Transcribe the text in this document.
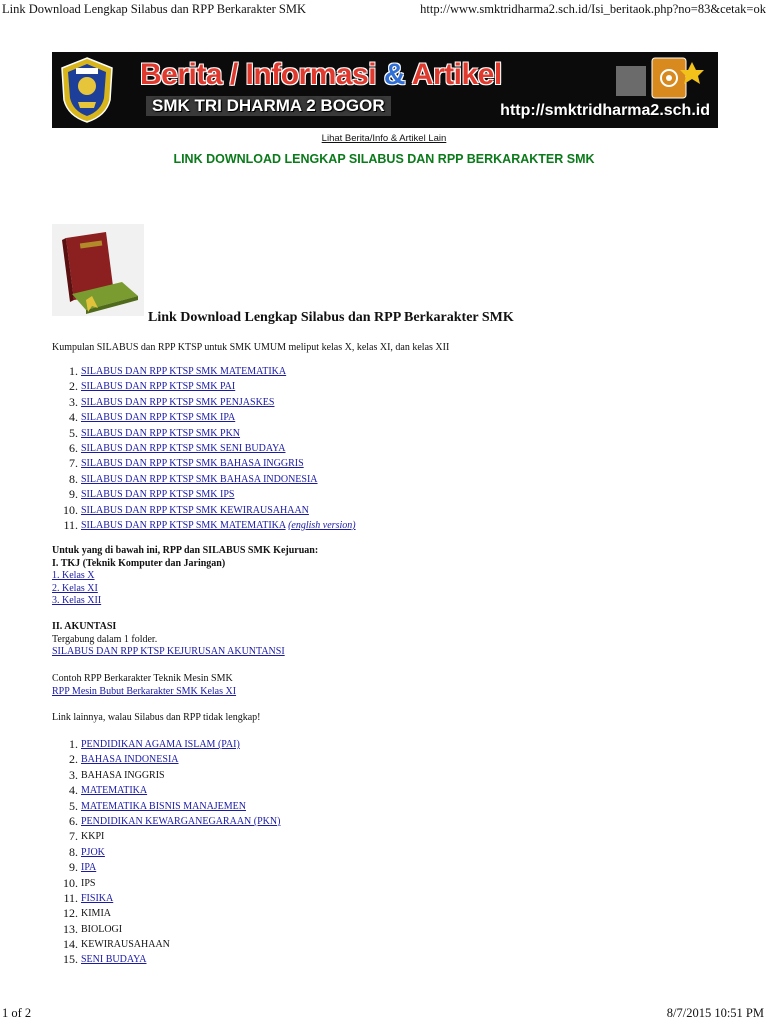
Link Download Lengkap Silabus dan RPP Berkarakter SMK	http://www.smktridharma2.sch.id/Isi_beritaok.php?no=83&cetak=ok
Berita / Informasi & Artikel
SMK TRI DHARMA 2 BOGOR	http://smktridharma2.sch.id
Lihat Berita/Info & Artikel Lain
LINK DOWNLOAD LENGKAP SILABUS DAN RPP BERKARAKTER SMK
Link Download Lengkap Silabus dan RPP Berkarakter SMK
Kumpulan SILABUS dan RPP KTSP untuk SMK UMUM meliput kelas X, kelas XI, dan kelas XII
1. SILABUS DAN RPP KTSP SMK MATEMATIKA
2. SILABUS DAN RPP KTSP SMK PAI
3. SILABUS DAN RPP KTSP SMK PENJASKES
4. SILABUS DAN RPP KTSP SMK IPA
5. SILABUS DAN RPP KTSP SMK PKN
6. SILABUS DAN RPP KTSP SMK SENI BUDAYA
7. SILABUS DAN RPP KTSP SMK BAHASA INGGRIS
8. SILABUS DAN RPP KTSP SMK BAHASA INDONESIA
9. SILABUS DAN RPP KTSP SMK IPS
10. SILABUS DAN RPP KTSP SMK KEWIRAUSAHAAN
11. SILABUS DAN RPP KTSP SMK MATEMATIKA (english version)
Untuk yang di bawah ini, RPP dan SILABUS SMK Kejuruan:
I. TKJ (Teknik Komputer dan Jaringan)
1. Kelas X
2. Kelas XI
3. Kelas XII
II. AKUNTASI
Tergabung dalam 1 folder.
SILABUS DAN RPP KTSP KEJURUSAN AKUNTANSI
Contoh RPP Berkarakter Teknik Mesin SMK
RPP Mesin Bubut Berkarakter SMK Kelas XI
Link lainnya, walau Silabus dan RPP tidak lengkap!
1. PENDIDIKAN AGAMA ISLAM (PAI)
2. BAHASA INDONESIA
3. BAHASA INGGRIS
4. MATEMATIKA
5. MATEMATIKA BISNIS MANAJEMEN
6. PENDIDIKAN KEWARGANEGARAAN (PKN)
7. KKPI
8. PJOK
9. IPA
10. IPS
11. FISIKA
12. KIMIA
13. BIOLOGI
14. KEWIRAUSAHAAN
15. SENI BUDAYA
1 of 2	8/7/2015 10:51 PM
